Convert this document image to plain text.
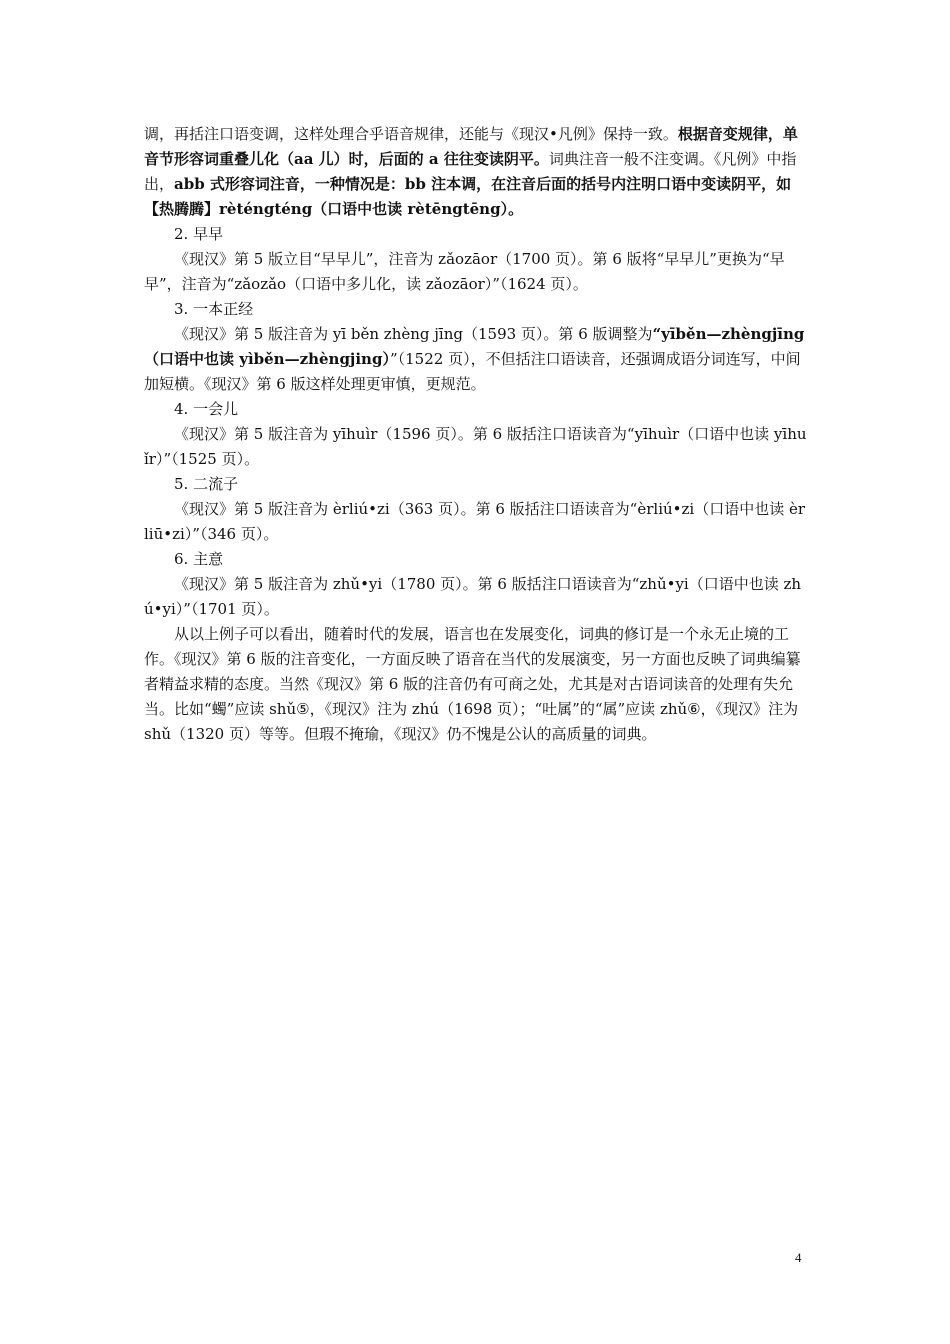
调，再括注口语变调，这样处理合乎语音规律，还能与《现汉•凡例》保持一致。根据音变规律，单音节形容词重叠儿化（aa 儿）时，后面的 a 往往变读阴平。词典注音一般不注变调。《凡例》中指出，abb 式形容词注音，一种情况是：bb 注本调，在注音后面的括号内注明口语中变读阴平，如【热腾腾】rèténgténg（口语中也读 rètēngtēng）。

2. 早早

《现汉》第 5 版立目“早早儿”，注音为 zǎozāor（1700 页）。第 6 版将“早早儿”更换为“早早”，注音为“zǎozǎo（口语中多儿化，读 zǎozāor）”（1624 页）。

3. 一本正经

《现汉》第 5 版注音为 yī běn zhèng jīng（1593 页）。第 6 版调整为“yīběn—zhèngjīng（口语中也读 yìběn—zhèngjing）”（1522 页），不但括注口语读音，还强调成语分词连写，中间加短横。《现汉》第 6 版这样处理更审慎，更规范。

4. 一会儿

《现汉》第 5 版注音为 yīhuìr（1596 页）。第 6 版括注口语读音为“yīhuìr（口语中也读 yīhuǐr）”（1525 页）。

5. 二流子

《现汉》第 5 版注音为 èrliú•zi（363 页）。第 6 版括注口语读音为“èrliú•zi（口语中也读 èrliū•zi）”（346 页）。

6. 主意

《现汉》第 5 版注音为 zhǔ•yi（1780 页）。第 6 版括注口语读音为“zhǔ•yi（口语中也读 zhú•yi）”（1701 页）。

从以上例子可以看出，随着时代的发展，语言也在发展变化，词典的修订是一个永无止境的工作。《现汉》第 6 版的注音变化，一方面反映了语音在当代的发展演变，另一方面也反映了词典编纂者精益求精的态度。当然《现汉》第 6 版的注音仍有可商之处，尤其是对古语词读音的处理有失允当。比如“蠋”应读 shǔ⑤，《现汉》注为 zhú（1698 页）；“吐属”的“属”应读 zhǔ⑥，《现汉》注为 shǔ（1320 页）等等。但瑕不掩瑜，《现汉》仍不愧是公认的高质量的词典。

4
